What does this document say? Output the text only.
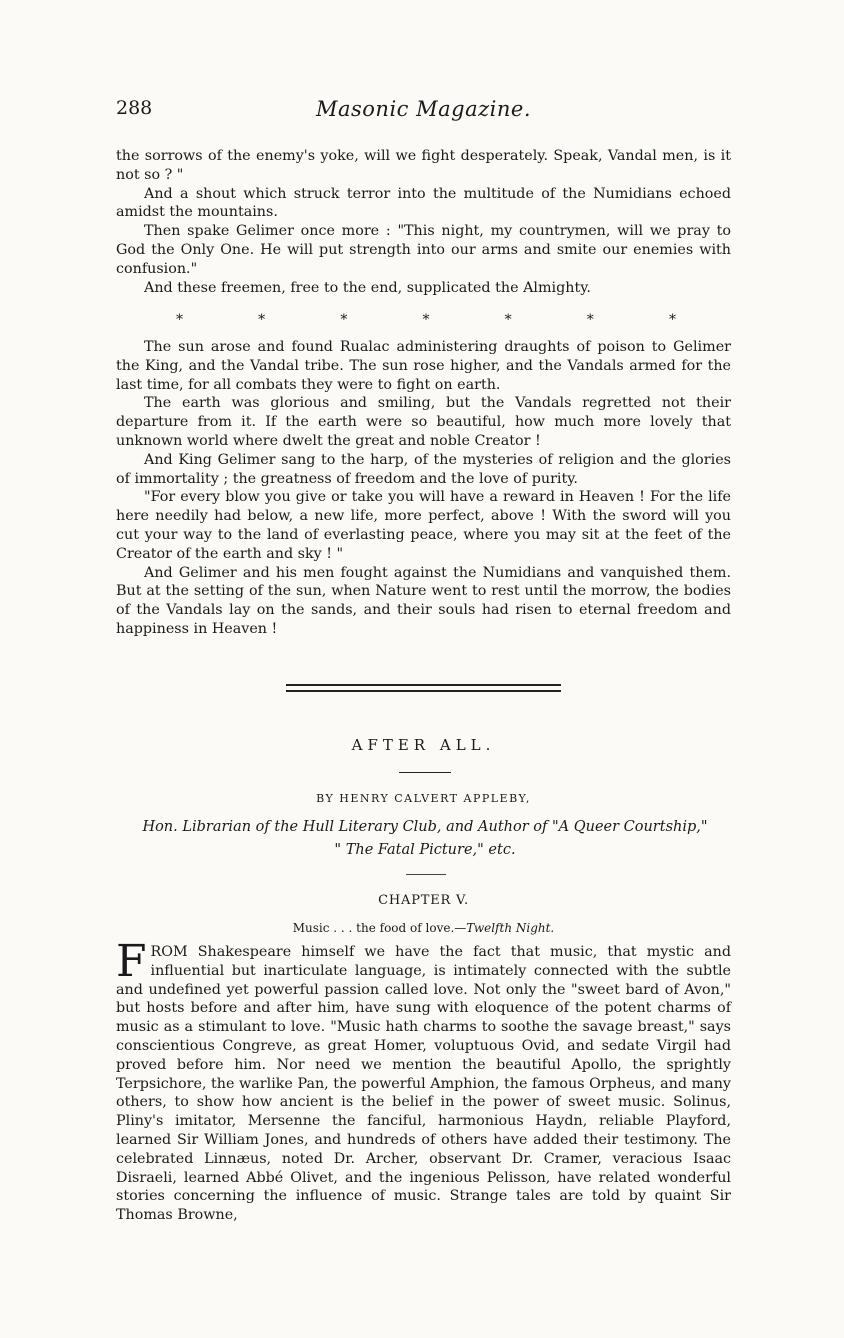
288	Masonic Magazine.

the sorrows of the enemy's yoke, will we fight desperately. Speak, Vandal men, is it not so ? "

And a shout which struck terror into the multitude of the Numidians echoed amidst the mountains.

Then spake Gelimer once more : "This night, my countrymen, will we pray to God the Only One. He will put strength into our arms and smite our enemies with confusion."

And these freemen, free to the end, supplicated the Almighty.

*	*	*	*	*	*	*

The sun arose and found Rualac administering draughts of poison to Gelimer the King, and the Vandal tribe. The sun rose higher, and the Vandals armed for the last time, for all combats they were to fight on earth.

The earth was glorious and smiling, but the Vandals regretted not their departure from it. If the earth were so beautiful, how much more lovely that unknown world where dwelt the great and noble Creator !

And King Gelimer sang to the harp, of the mysteries of religion and the glories of immortality ; the greatness of freedom and the love of purity.

"For every blow you give or take you will have a reward in Heaven ! For the life here needily had below, a new life, more perfect, above ! With the sword will you cut your way to the land of everlasting peace, where you may sit at the feet of the Creator of the earth and sky ! "

And Gelimer and his men fought against the Numidians and vanquished them. But at the setting of the sun, when Nature went to rest until the morrow, the bodies of the Vandals lay on the sands, and their souls had risen to eternal freedom and happiness in Heaven !

AFTER ALL.
BY HENRY CALVERT APPLEBY,
Hon. Librarian of the Hull Literary Club, and Author of "A Queer Courtship," " The Fatal Picture," etc.
CHAPTER V.
Music . . . the food of love.—Twelfth Night.
F ROM Shakespeare himself we have the fact that music, that mystic and influential but inarticulate language, is intimately connected with the subtle and undefined yet powerful passion called love. Not only the "sweet bard of Avon," but hosts before and after him, have sung with eloquence of the potent charms of music as a stimulant to love. "Music hath charms to soothe the savage breast," says conscientious Congreve, as great Homer, voluptuous Ovid, and sedate Virgil had proved before him. Nor need we mention the beautiful Apollo, the sprightly Terpsichore, the warlike Pan, the powerful Amphion, the famous Orpheus, and many others, to show how ancient is the belief in the power of sweet music. Solinus, Pliny's imitator, Mersenne the fanciful, harmonious Haydn, reliable Playford, learned Sir William Jones, and hundreds of others have added their testimony. The celebrated Linnæus, noted Dr. Archer, observant Dr. Cramer, veracious Isaac Disraeli, learned Abbé Olivet, and the ingenious Pelisson, have related wonderful stories concerning the influence of music. Strange tales are told by quaint Sir Thomas Browne,
